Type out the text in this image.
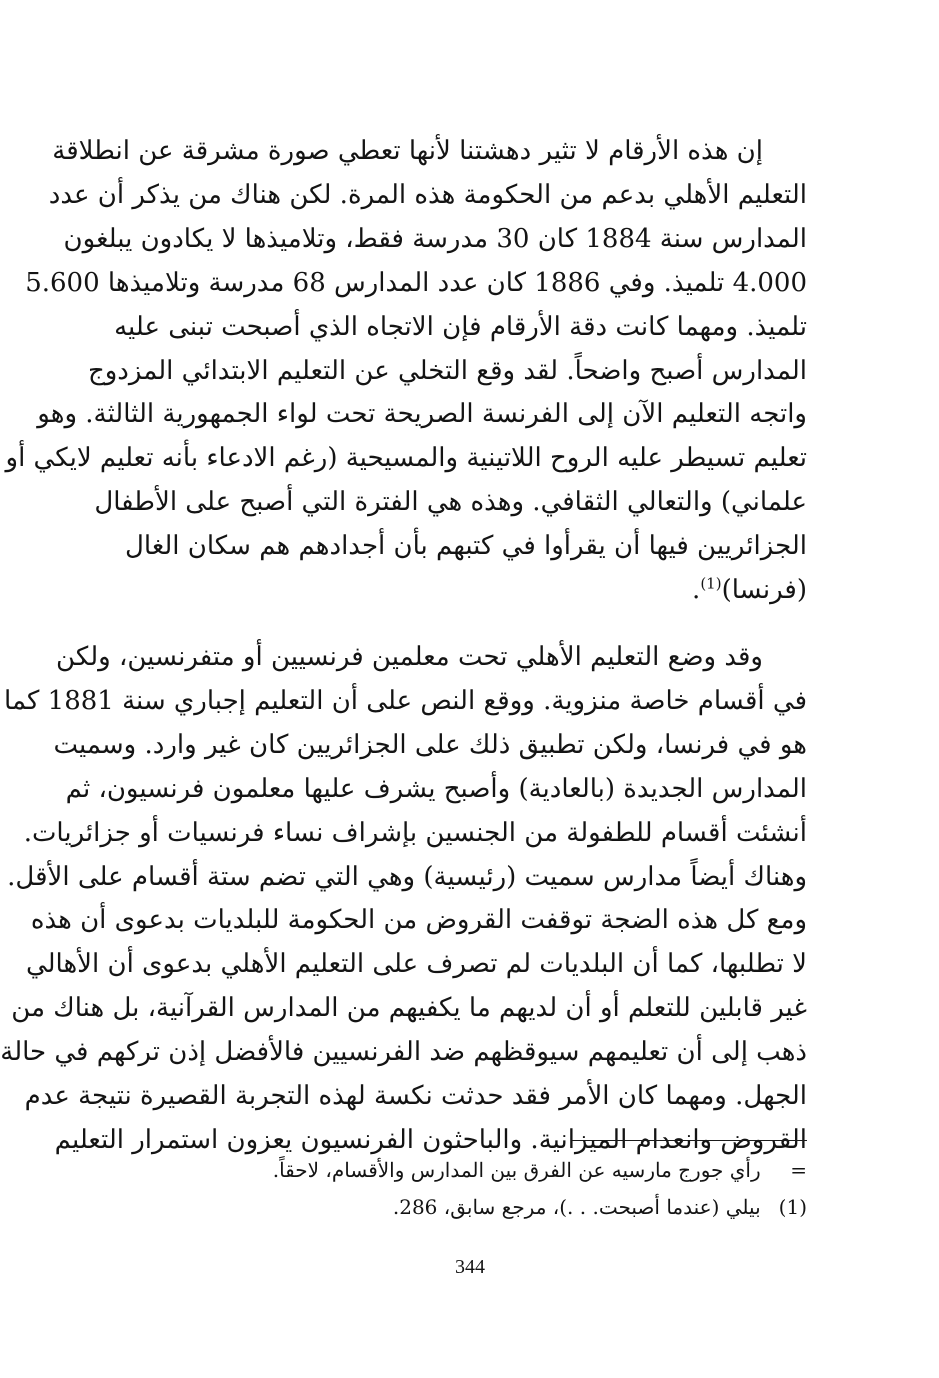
إن هذه الأرقام لا تثير دهشتنا لأنها تعطي صورة مشرقة عن انطلاقة
التعليم الأهلي بدعم من الحكومة هذه المرة. لكن هناك من يذكر أن عدد
المدارس سنة 1884 كان 30 مدرسة فقط، وتلاميذها لا يكادون يبلغون
4.000 تلميذ. وفي 1886 كان عدد المدارس 68 مدرسة وتلاميذها 5.600
تلميذ. ومهما كانت دقة الأرقام فإن الاتجاه الذي أصبحت تبنى عليه
المدارس أصبح واضحاً. لقد وقع التخلي عن التعليم الابتدائي المزدوج
واتجه التعليم الآن إلى الفرنسة الصريحة تحت لواء الجمهورية الثالثة. وهو
تعليم تسيطر عليه الروح اللاتينية والمسيحية (رغم الادعاء بأنه تعليم لايكي أو
علماني) والتعالي الثقافي. وهذه هي الفترة التي أصبح على الأطفال
الجزائريين فيها أن يقرأوا في كتبهم بأن أجدادهم هم سكان الغال
(فرنسا)$^{(1)}$.

وقد وضع التعليم الأهلي تحت معلمين فرنسيين أو متفرنسين، ولكن
في أقسام خاصة منزوية. ووقع النص على أن التعليم إجباري سنة 1881 كما
هو في فرنسا، ولكن تطبيق ذلك على الجزائريين كان غير وارد. وسميت
المدارس الجديدة (بالعادية) وأصبح يشرف عليها معلمون فرنسيون، ثم
أنشئت أقسام للطفولة من الجنسين بإشراف نساء فرنسيات أو جزائريات.
وهناك أيضاً مدارس سميت (رئيسية) وهي التي تضم ستة أقسام على الأقل.
ومع كل هذه الضجة توقفت القروض من الحكومة للبلديات بدعوى أن هذه
لا تطلبها، كما أن البلديات لم تصرف على التعليم الأهلي بدعوى أن الأهالي
غير قابلين للتعلم أو أن لديهم ما يكفيهم من المدارس القرآنية، بل هناك من
ذهب إلى أن تعليمهم سيوقظهم ضد الفرنسيين فالأفضل إذن تركهم في حالة
الجهل. ومهما كان الأمر فقد حدثت نكسة لهذه التجربة القصيرة نتيجة عدم
القروض وانعدام الميزانية. والباحثون الفرنسيون يعزون استمرار التعليم

= رأي جورج مارسيه عن الفرق بين المدارس والأقسام، لاحقاً.
(1) بيلي (عندما أصبحت. . .)، مرجع سابق، 286.
344
